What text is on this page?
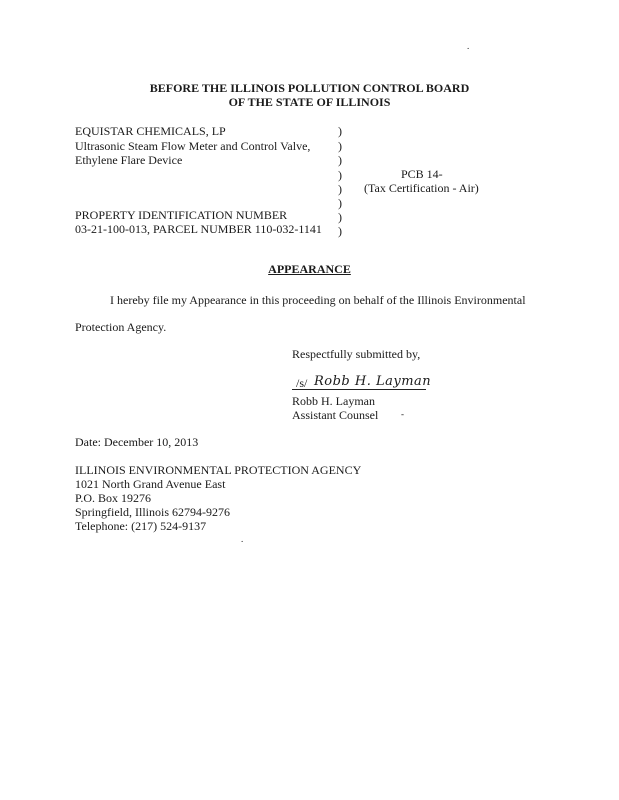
.
BEFORE THE ILLINOIS POLLUTION CONTROL BOARD
OF THE STATE OF ILLINOIS
EQUISTAR CHEMICALS, LP
Ultrasonic Steam Flow Meter and Control Valve,
Ethylene Flare Device
)
)
)
)
)
)
)
)
PCB 14-
(Tax Certification - Air)
PROPERTY IDENTIFICATION NUMBER
03-21-100-013, PARCEL NUMBER 110-032-1141
APPEARANCE
I hereby file my Appearance in this proceeding on behalf of the Illinois Environmental
Protection Agency.
Respectfully submitted by,
/s/ Robb H. Layman
Robb H. Layman
Assistant Counsel	-
Date: December 10, 2013
ILLINOIS ENVIRONMENTAL PROTECTION AGENCY
1021 North Grand Avenue East
P.O. Box 19276
Springfield, Illinois 62794-9276
Telephone: (217) 524-9137
.
